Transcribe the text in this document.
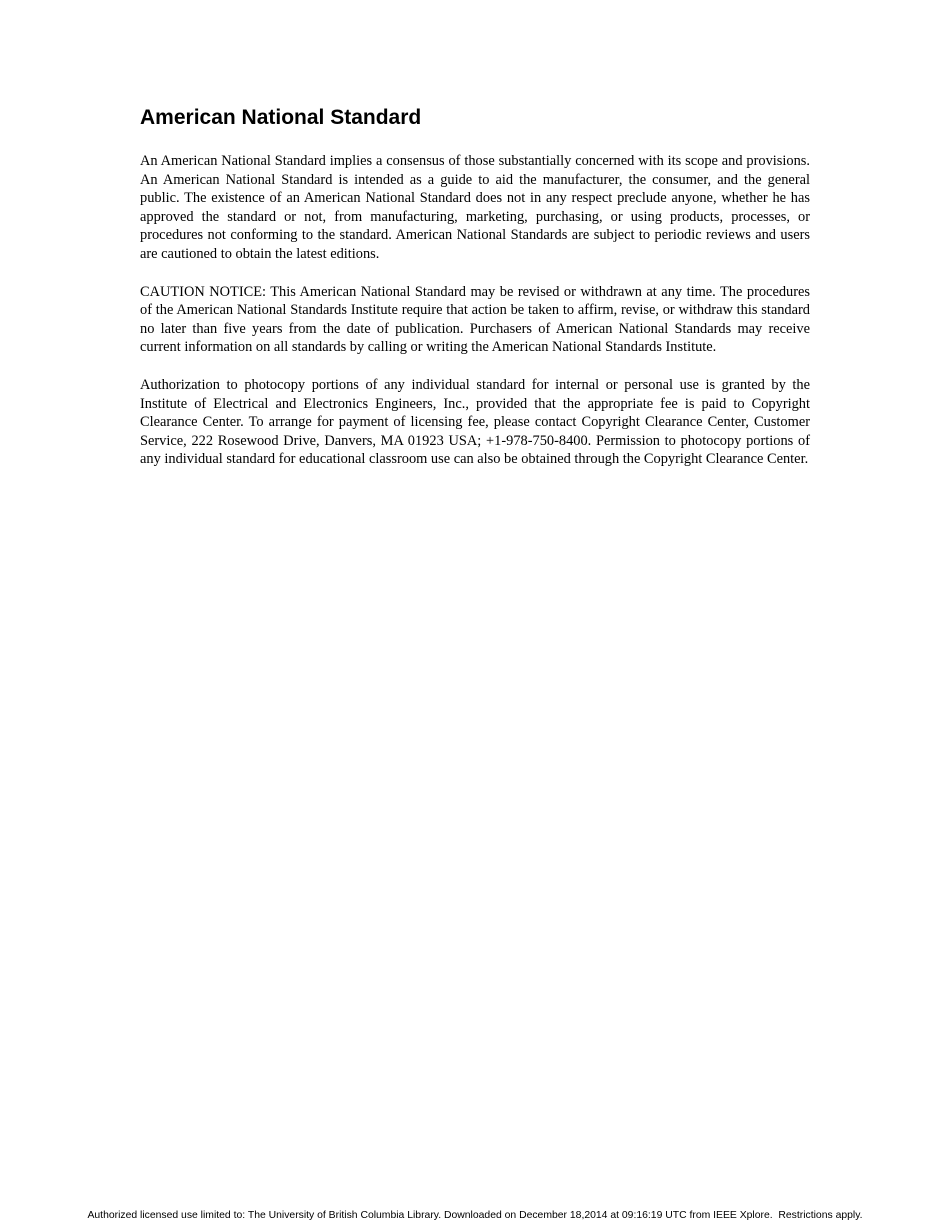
American National Standard

An American National Standard implies a consensus of those substantially concerned with its scope and provisions. An American National Standard is intended as a guide to aid the manufacturer, the consumer, and the general public. The existence of an American National Standard does not in any respect preclude anyone, whether he has approved the standard or not, from manufacturing, marketing, purchasing, or using products, processes, or procedures not conforming to the standard. American National Standards are subject to periodic reviews and users are cautioned to obtain the latest editions.

CAUTION NOTICE: This American National Standard may be revised or withdrawn at any time. The procedures of the American National Standards Institute require that action be taken to affirm, revise, or withdraw this standard no later than five years from the date of publication. Purchasers of American National Standards may receive current information on all standards by calling or writing the American National Standards Institute.

Authorization to photocopy portions of any individual standard for internal or personal use is granted by the Institute of Electrical and Electronics Engineers, Inc., provided that the appropriate fee is paid to Copyright Clearance Center. To arrange for payment of licensing fee, please contact Copyright Clearance Center, Customer Service, 222 Rosewood Drive, Danvers, MA 01923 USA; +1-978-750-8400. Permission to photocopy portions of any individual standard for educational classroom use can also be obtained through the Copyright Clearance Center.

Authorized licensed use limited to: The University of British Columbia Library. Downloaded on December 18,2014 at 09:16:19 UTC from IEEE Xplore.  Restrictions apply.
